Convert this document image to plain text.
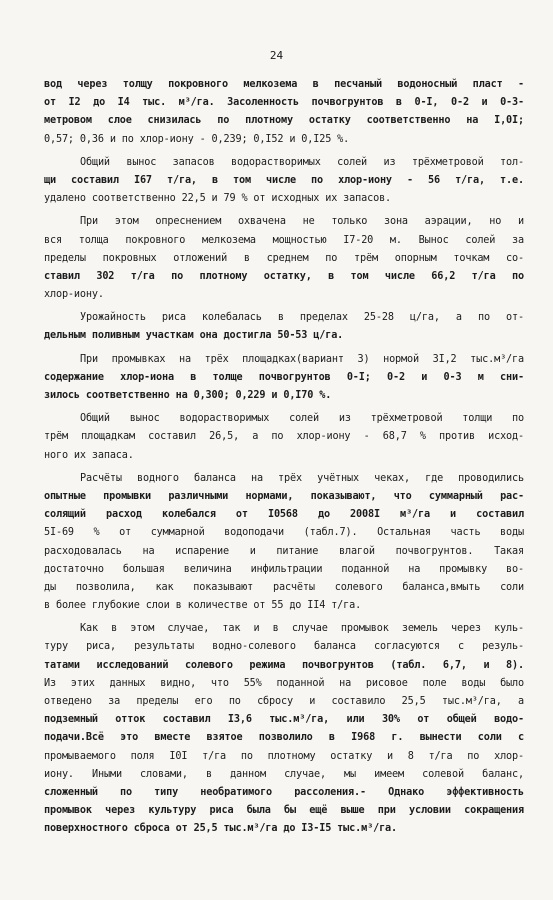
24
вод через толщу покровного мелкозема в песчаный водоносный пласт -
от I2 до I4 тыс. м³/га. Засоленность почвогрунтов в 0-I, 0-2 и 0-3-
метровом слое снизилась по плотному остатку соответственно на I,0I;
0,57; 0,36 и по хлор-иону - 0,239; 0,I52 и 0,I25 %.
Общий вынос запасов водорастворимых солей из трёхметровой тол-
щи составил I67 т/га, в том числе по хлор-иону - 56 т/га, т.е.
удалено соответственно 22,5 и 79 % от исходных их запасов.
При этом опреснением охвачена не только зона аэрации, но и
вся толща покровного мелкозема мощностью I7-20 м. Вынос солей за
пределы покровных отложений в среднем по трём опорным точкам со-
ставил 302 т/га по плотному остатку, в том числе 66,2 т/га по
хлор-иону.
Урожайность риса колебалась в пределах 25-28 ц/га, а по от-
дельным поливным участкам она достигла 50-53 ц/га.
При промывках на трёх площадках(вариант 3) нормой 3I,2 тыс.м³/га
содержание хлор-иона в толще почвогрунтов 0-I; 0-2 и 0-3 м сни-
зилось соответственно на 0,300; 0,229 и 0,I70 %.
Общий вынос водорастворимых солей из трёхметровой толщи по
трём площадкам составил 26,5, а по хлор-иону - 68,7 % против исход-
ного их запаса.
Расчёты водного баланса на трёх учётных чеках, где проводились
опытные промывки различными нормами, показывают, что суммарный рас-
солящий расход колебался от I0568 до 2008I м³/га и составил
5I-69 % от суммарной водоподачи (табл.7). Остальная часть воды
расходовалась на испарение и питание влагой почвогрунтов. Такая
достаточно большая величина инфильтрации поданной на промывку во-
ды позволила, как показывают расчёты солевого баланса,вмыть соли
в более глубокие слои в количестве от 55 до II4 т/га.
Как в этом случае, так и в случае промывок земель через куль-
туру риса, результаты водно-солевого баланса согласуются с резуль-
татами исследований солевого режима почвогрунтов (табл. 6,7, и 8).
Из этих данных видно, что 55% поданной на рисовое поле воды было
отведено за пределы его по сбросу и составило 25,5 тыс.м³/га, а
подземный отток составил I3,6 тыс.м³/га, или 30% от общей водо-
подачи.Всё это вместе взятое позволило в I968 г. вынести соли с
промываемого поля I0I т/га по плотному остатку и 8 т/га по хлор-
иону. Иными словами, в данном случае, мы имеем солевой баланс,
сложенный по типу необратимого рассоления.- Однако эффективность
промывок через культуру риса была бы ещё выше при условии сокращения
поверхностного сброса от 25,5 тыс.м³/га до I3-I5 тыс.м³/га.
